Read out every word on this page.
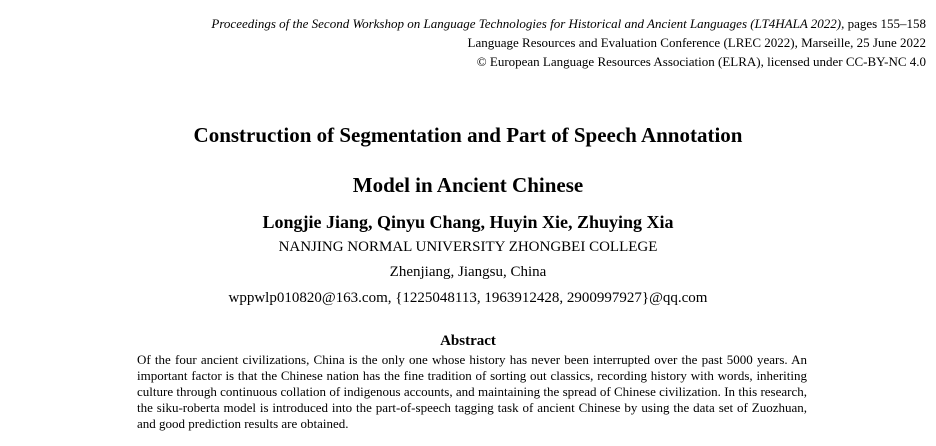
Proceedings of the Second Workshop on Language Technologies for Historical and Ancient Languages (LT4HALA 2022), pages 155–158
Language Resources and Evaluation Conference (LREC 2022), Marseille, 25 June 2022
© European Language Resources Association (ELRA), licensed under CC-BY-NC 4.0
Construction of Segmentation and Part of Speech Annotation
Model in Ancient Chinese
Longjie Jiang, Qinyu Chang, Huyin Xie, Zhuying Xia
NANJING NORMAL UNIVERSITY ZHONGBEI COLLEGE
Zhenjiang, Jiangsu, China
wppwlp010820@163.com, {1225048113, 1963912428, 2900997927}@qq.com
Abstract
Of the four ancient civilizations, China is the only one whose history has never been interrupted over the past 5000 years. An important factor is that the Chinese nation has the fine tradition of sorting out classics, recording history with words, inheriting culture through continuous collation of indigenous accounts, and maintaining the spread of Chinese civilization. In this research, the siku-roberta model is introduced into the part-of-speech tagging task of ancient Chinese by using the data set of Zuozhuan, and good prediction results are obtained.
